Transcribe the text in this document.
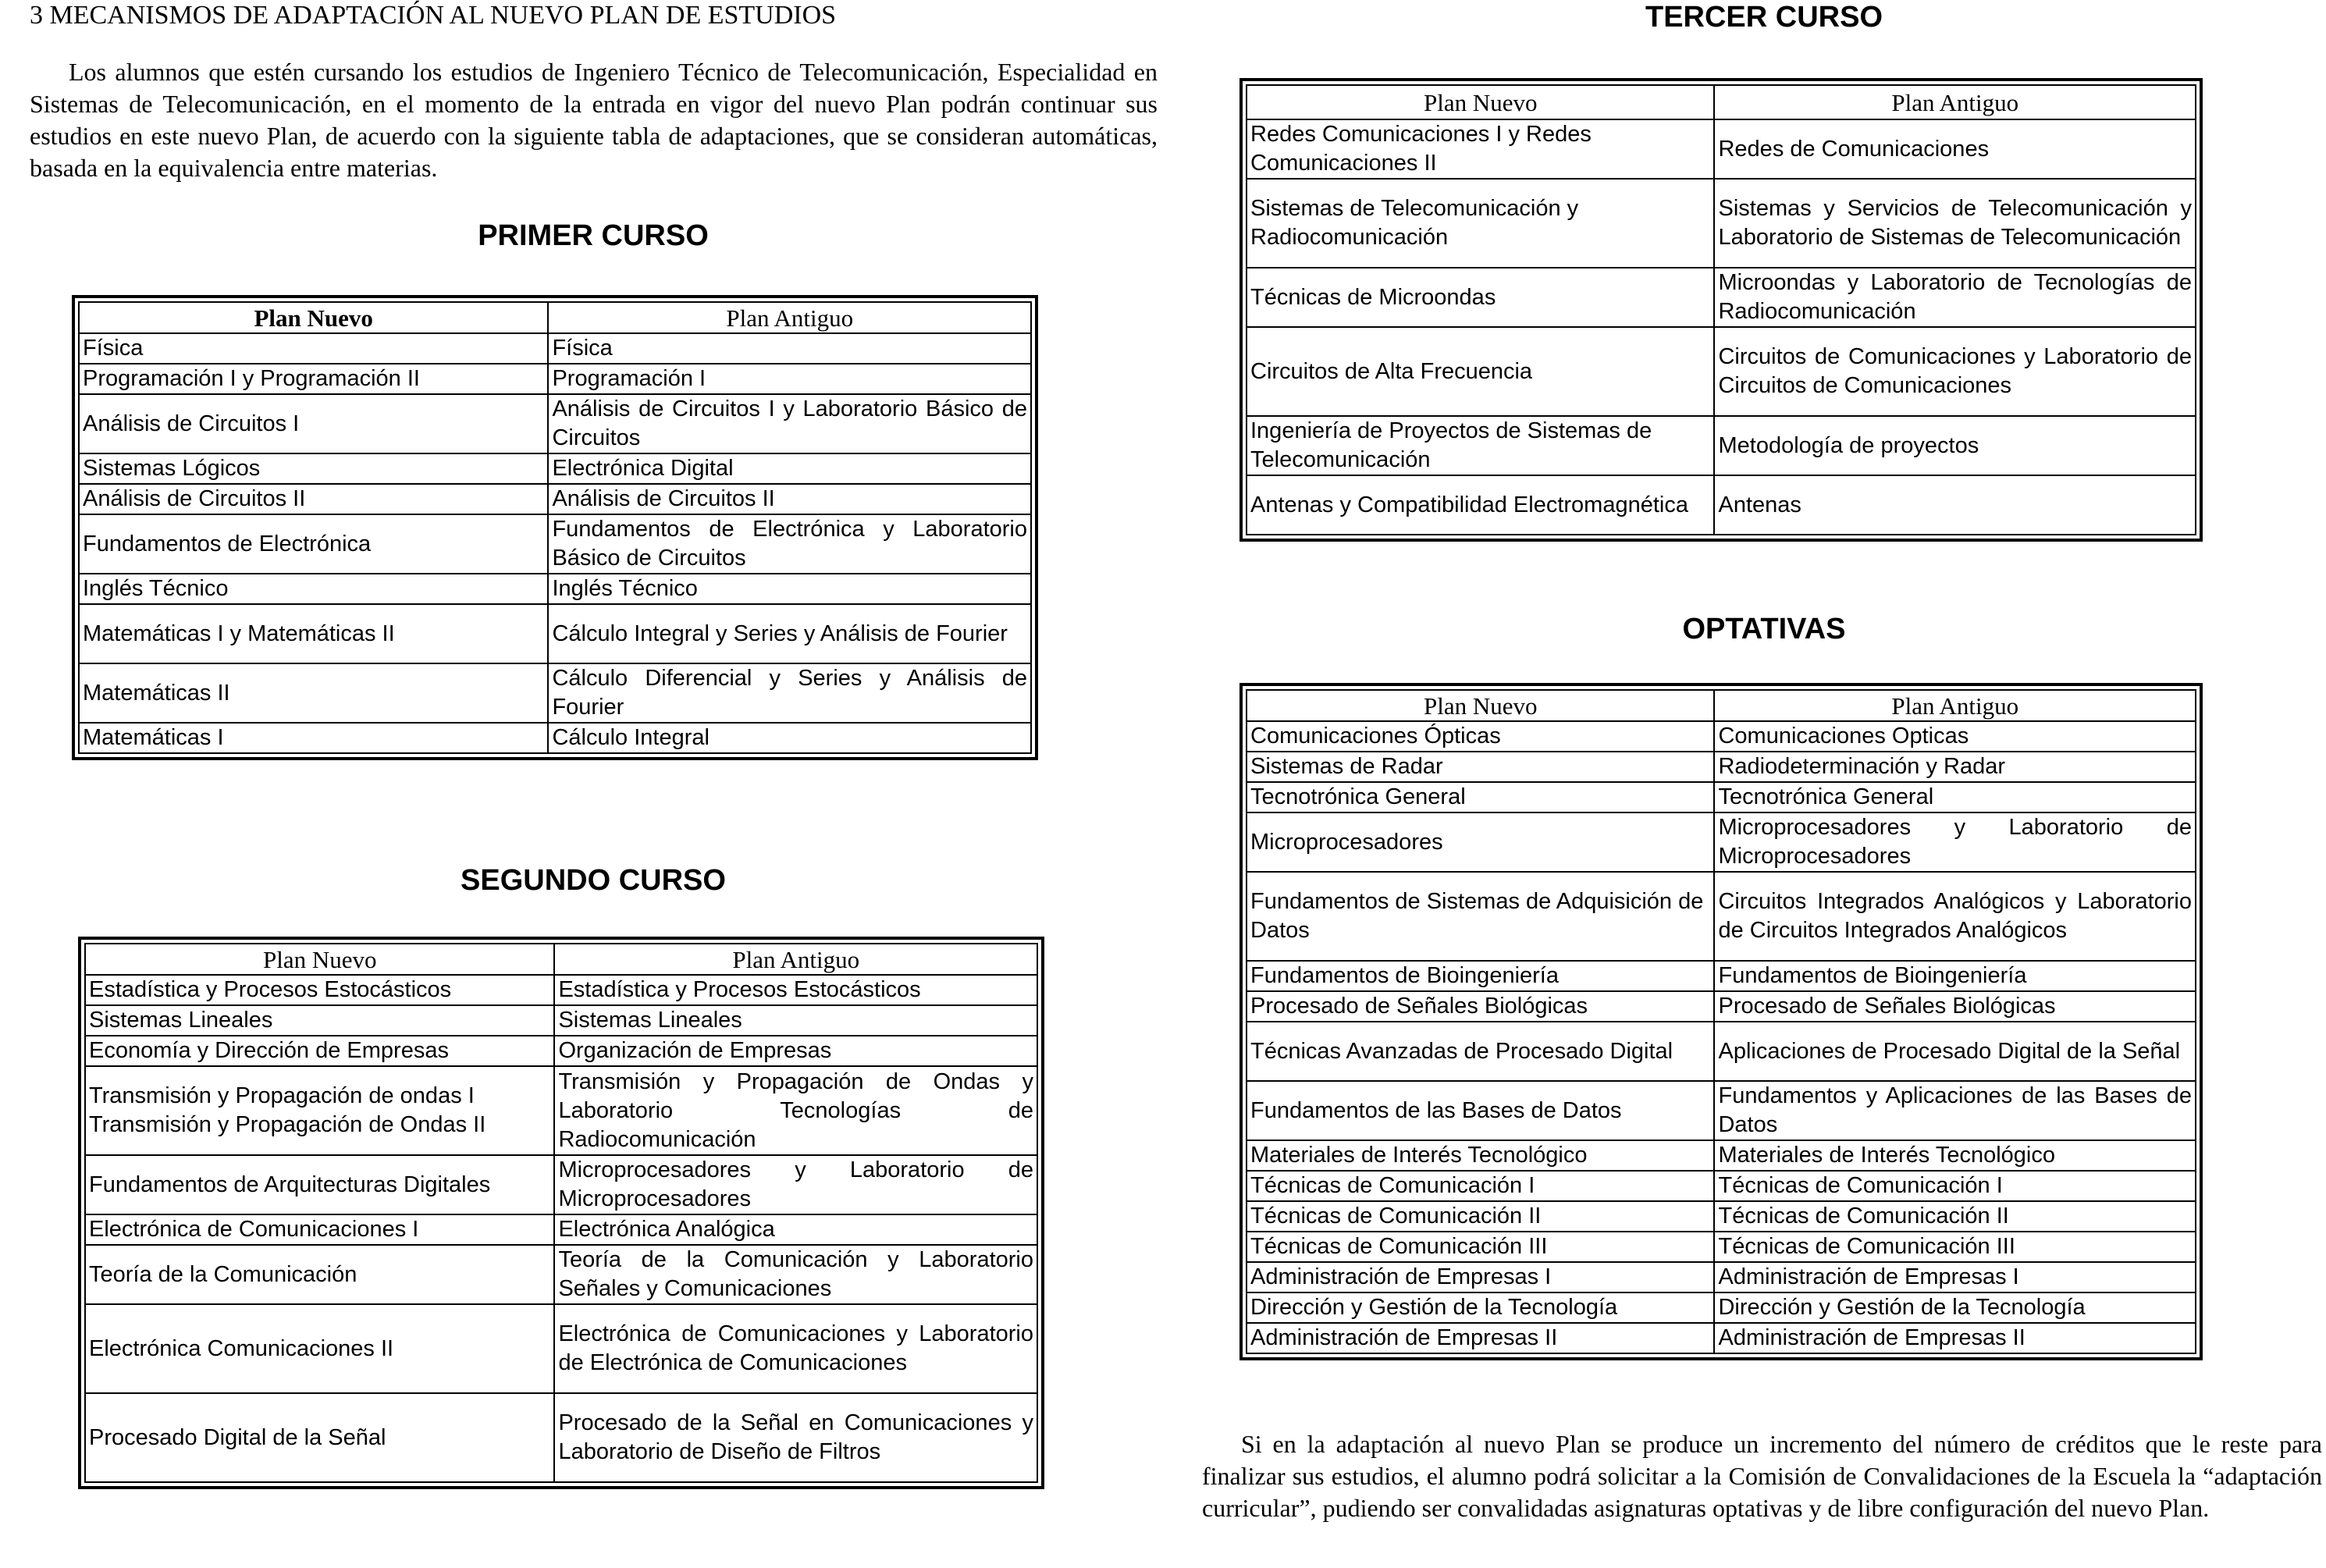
3 MECANISMOS DE ADAPTACIÓN AL NUEVO PLAN DE ESTUDIOS
Los alumnos que estén cursando los estudios de Ingeniero Técnico de Telecomunicación, Especialidad en Sistemas de Telecomunicación, en el momento de la entrada en vigor del nuevo Plan podrán continuar sus estudios en este nuevo Plan, de acuerdo con la siguiente tabla de adaptaciones, que se consideran automáticas, basada en la equivalencia entre materias.
PRIMER CURSO
Plan Nuevo	Plan Antiguo
Física	Física
Programación I y Programación II	Programación I
Análisis de Circuitos I	Análisis de Circuitos I y Laboratorio Básico de Circuitos
Sistemas Lógicos	Electrónica Digital
Análisis de Circuitos II	Análisis de Circuitos II
Fundamentos de Electrónica	Fundamentos de Electrónica y Laboratorio Básico de Circuitos
Inglés Técnico	Inglés Técnico
Matemáticas I y Matemáticas II	Cálculo Integral y Series y Análisis de Fourier
Matemáticas II	Cálculo Diferencial y Series y Análisis de Fourier
Matemáticas I	Cálculo Integral
SEGUNDO CURSO
Plan Nuevo	Plan Antiguo
Estadística y Procesos Estocásticos	Estadística y Procesos Estocásticos
Sistemas Lineales	Sistemas Lineales
Economía y Dirección de Empresas	Organización de Empresas
Transmisión y Propagación de ondas I Transmisión y Propagación de Ondas II	Transmisión y Propagación de Ondas y Laboratorio Tecnologías de Radiocomunicación
Fundamentos de Arquitecturas Digitales	Microprocesadores y Laboratorio de Microprocesadores
Electrónica de Comunicaciones I	Electrónica Analógica
Teoría de la Comunicación	Teoría de la Comunicación y Laboratorio Señales y Comunicaciones
Electrónica Comunicaciones II	Electrónica de Comunicaciones y Laboratorio de Electrónica de Comunicaciones
Procesado Digital de la Señal	Procesado de la Señal en Comunicaciones y Laboratorio de Diseño de Filtros
TERCER CURSO
Plan Nuevo	Plan Antiguo
Redes Comunicaciones I y Redes Comunicaciones II	Redes de Comunicaciones
Sistemas de Telecomunicación y Radiocomunicación	Sistemas y Servicios de Telecomunicación y Laboratorio de Sistemas de Telecomunicación
Técnicas de Microondas	Microondas y Laboratorio de Tecnologías de Radiocomunicación
Circuitos de Alta Frecuencia	Circuitos de Comunicaciones y Laboratorio de Circuitos de Comunicaciones
Ingeniería de Proyectos de Sistemas de Telecomunicación	Metodología de proyectos
Antenas y Compatibilidad Electromagnética	Antenas
OPTATIVAS
Plan Nuevo	Plan Antiguo
Comunicaciones Ópticas	Comunicaciones Opticas
Sistemas de Radar	Radiodeterminación y Radar
Tecnotrónica General	Tecnotrónica General
Microprocesadores	Microprocesadores y Laboratorio de Microprocesadores
Fundamentos de Sistemas de Adquisición de Datos	Circuitos Integrados Analógicos y Laboratorio de Circuitos Integrados Analógicos
Fundamentos de Bioingeniería	Fundamentos de Bioingeniería
Procesado de Señales Biológicas	Procesado de Señales Biológicas
Técnicas Avanzadas de Procesado Digital	Aplicaciones de Procesado Digital de la Señal
Fundamentos de las Bases de Datos	Fundamentos y Aplicaciones de las Bases de Datos
Materiales de Interés Tecnológico	Materiales de Interés Tecnológico
Técnicas de Comunicación I	Técnicas de Comunicación I
Técnicas de Comunicación II	Técnicas de Comunicación II
Técnicas de Comunicación III	Técnicas de Comunicación III
Administración de Empresas I	Administración de Empresas I
Dirección y Gestión de la Tecnología	Dirección y Gestión de la Tecnología
Administración de Empresas II	Administración de Empresas II
Si en la adaptación al nuevo Plan se produce un incremento del número de créditos que le reste para finalizar sus estudios, el alumno podrá solicitar a la Comisión de Convalidaciones de la Escuela la “adaptación curricular”, pudiendo ser convalidadas asignaturas optativas y de libre configuración del nuevo Plan.
